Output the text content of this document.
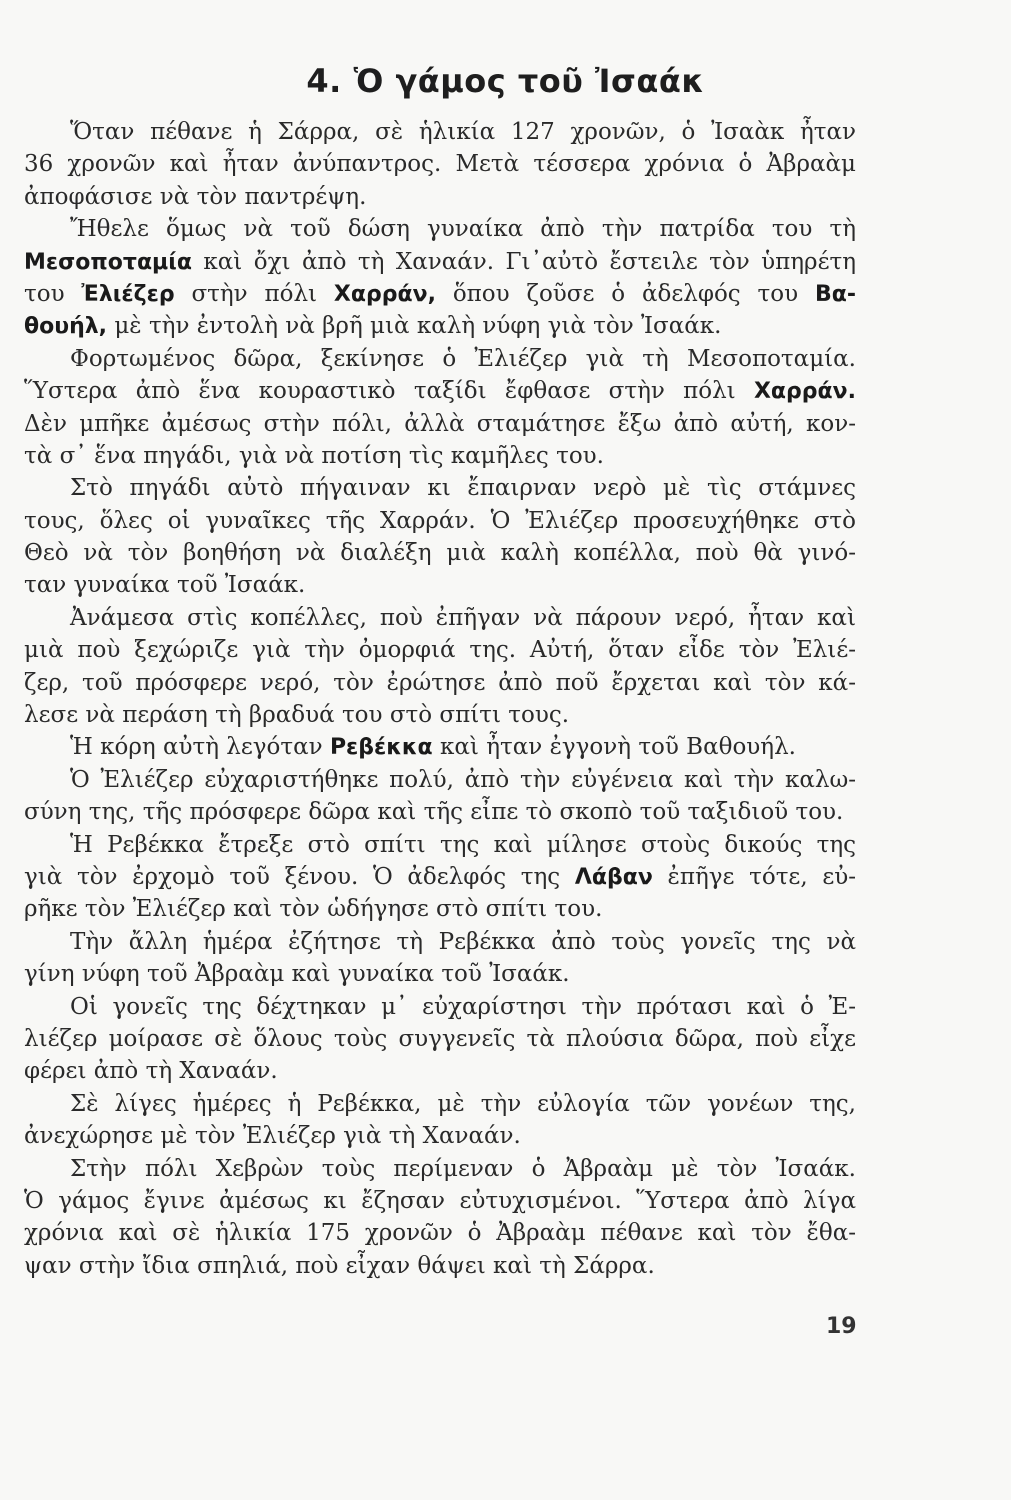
4. Ὁ γάμος τοῦ Ἰσαάκ
Ὅταν πέθανε ἡ Σάρρα, σὲ ἡλικία 127 χρονῶν, ὁ Ἰσαὰκ ἦταν
36 χρονῶν καὶ ἦταν ἀνύπαντρος. Μετὰ τέσσερα χρόνια ὁ Ἀβραὰμ
ἀποφάσισε νὰ τὸν παντρέψη.
Ἤθελε ὅμως νὰ τοῦ δώση γυναίκα ἀπὸ τὴν πατρίδα του τὴ
Μεσοποταμία καὶ ὄχι ἀπὸ τὴ Χαναάν. Γι᾿αὐτὸ ἔστειλε τὸν ὑπηρέτη
του Ἐλιέζερ στὴν πόλι Χαρράν, ὅπου ζοῦσε ὁ ἀδελφός του Βα-
θουήλ, μὲ τὴν ἐντολὴ νὰ βρῆ μιὰ καλὴ νύφη γιὰ τὸν Ἰσαάκ.
Φορτωμένος δῶρα, ξεκίνησε ὁ Ἐλιέζερ γιὰ τὴ Μεσοποταμία.
Ὕστερα ἀπὸ ἕνα κουραστικὸ ταξίδι ἔφθασε στὴν πόλι Χαρράν.
Δὲν μπῆκε ἀμέσως στὴν πόλι, ἀλλὰ σταμάτησε ἔξω ἀπὸ αὐτή, κον-
τὰ σ᾿ ἕνα πηγάδι, γιὰ νὰ ποτίση τὶς καμῆλες του.
Στὸ πηγάδι αὐτὸ πήγαιναν κι ἔπαιρναν νερὸ μὲ τὶς στάμνες
τους, ὅλες οἱ γυναῖκες τῆς Χαρράν. Ὁ Ἐλιέζερ προσευχήθηκε στὸ
Θεὸ νὰ τὸν βοηθήση νὰ διαλέξη μιὰ καλὴ κοπέλλα, ποὺ θὰ γινό-
ταν γυναίκα τοῦ Ἰσαάκ.
Ἀνάμεσα στὶς κοπέλλες, ποὺ ἐπῆγαν νὰ πάρουν νερό, ἦταν καὶ
μιὰ ποὺ ξεχώριζε γιὰ τὴν ὀμορφιά της. Αὐτή, ὅταν εἶδε τὸν Ἐλιέ-
ζερ, τοῦ πρόσφερε νερό, τὸν ἐρώτησε ἀπὸ ποῦ ἔρχεται καὶ τὸν κά-
λεσε νὰ περάση τὴ βραδυά του στὸ σπίτι τους.
Ἡ κόρη αὐτὴ λεγόταν Ρεβέκκα καὶ ἦταν ἐγγονὴ τοῦ Βαθουήλ.
Ὁ Ἐλιέζερ εὐχαριστήθηκε πολύ, ἀπὸ τὴν εὐγένεια καὶ τὴν καλω-
σύνη της, τῆς πρόσφερε δῶρα καὶ τῆς εἶπε τὸ σκοπὸ τοῦ ταξιδιοῦ του.
Ἡ Ρεβέκκα ἔτρεξε στὸ σπίτι της καὶ μίλησε στοὺς δικούς της
γιὰ τὸν ἐρχομὸ τοῦ ξένου. Ὁ ἀδελφός της Λάβαν ἐπῆγε τότε, εὐ-
ρῆκε τὸν Ἐλιέζερ καὶ τὸν ὡδήγησε στὸ σπίτι του.
Τὴν ἄλλη ἡμέρα ἐζήτησε τὴ Ρεβέκκα ἀπὸ τοὺς γονεῖς της νὰ
γίνη νύφη τοῦ Ἀβραὰμ καὶ γυναίκα τοῦ Ἰσαάκ.
Οἱ γονεῖς της δέχτηκαν μ᾿ εὐχαρίστησι τὴν πρότασι καὶ ὁ Ἐ-
λιέζερ μοίρασε σὲ ὅλους τοὺς συγγενεῖς τὰ πλούσια δῶρα, ποὺ εἶχε
φέρει ἀπὸ τὴ Χαναάν.
Σὲ λίγες ἡμέρες ἡ Ρεβέκκα, μὲ τὴν εὐλογία τῶν γονέων της,
ἀνεχώρησε μὲ τὸν Ἐλιέζερ γιὰ τὴ Χαναάν.
Στὴν πόλι Χεβρὼν τοὺς περίμεναν ὁ Ἀβραὰμ μὲ τὸν Ἰσαάκ.
Ὁ γάμος ἔγινε ἀμέσως κι ἔζησαν εὐτυχισμένοι. Ὕστερα ἀπὸ λίγα
χρόνια καὶ σὲ ἡλικία 175 χρονῶν ὁ Ἀβραὰμ πέθανε καὶ τὸν ἔθα-
ψαν στὴν ἴδια σπηλιά, ποὺ εἶχαν θάψει καὶ τὴ Σάρρα.
19
